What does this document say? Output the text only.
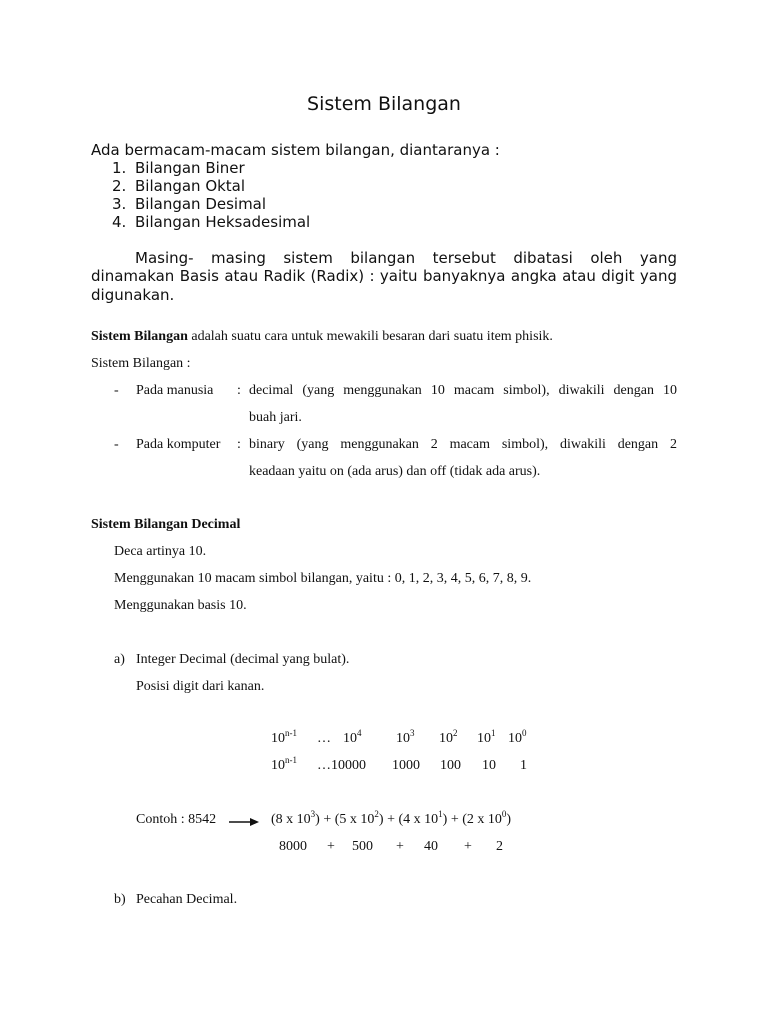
Sistem Bilangan
Ada bermacam-macam sistem bilangan, diantaranya :
1. Bilangan Biner
2. Bilangan Oktal
3. Bilangan Desimal
4. Bilangan Heksadesimal
Masing- masing sistem bilangan tersebut dibatasi oleh yang
dinamakan Basis atau Radik (Radix) : yaitu banyaknya angka atau digit yang
digunakan.
Sistem Bilangan adalah suatu cara untuk mewakili besaran dari suatu item phisik.
Sistem Bilangan :
- Pada manusia : decimal (yang menggunakan 10 macam simbol), diwakili dengan 10
buah jari.
- Pada komputer : binary (yang menggunakan 2 macam simbol), diwakili dengan 2
keadaan yaitu on (ada arus) dan off (tidak ada arus).
Sistem Bilangan Decimal
Deca artinya 10.
Menggunakan 10 macam simbol bilangan, yaitu : 0, 1, 2, 3, 4, 5, 6, 7, 8, 9.
Menggunakan basis 10.
a) Integer Decimal (decimal yang bulat).
Posisi digit dari kanan.
10$^{n-1}$ … $10^4$ $10^3$ $10^2$ $10^1$ $10^0$
10$^{n-1}$ …10000 1000 100 10 1
Contoh : 8542	(8 x $10^3) + (5$ x $10^2) + (4$ x $10^1) + (2$ x $10^0$)
8000 + 500 + 40 + 2
b) Pecahan Decimal.
